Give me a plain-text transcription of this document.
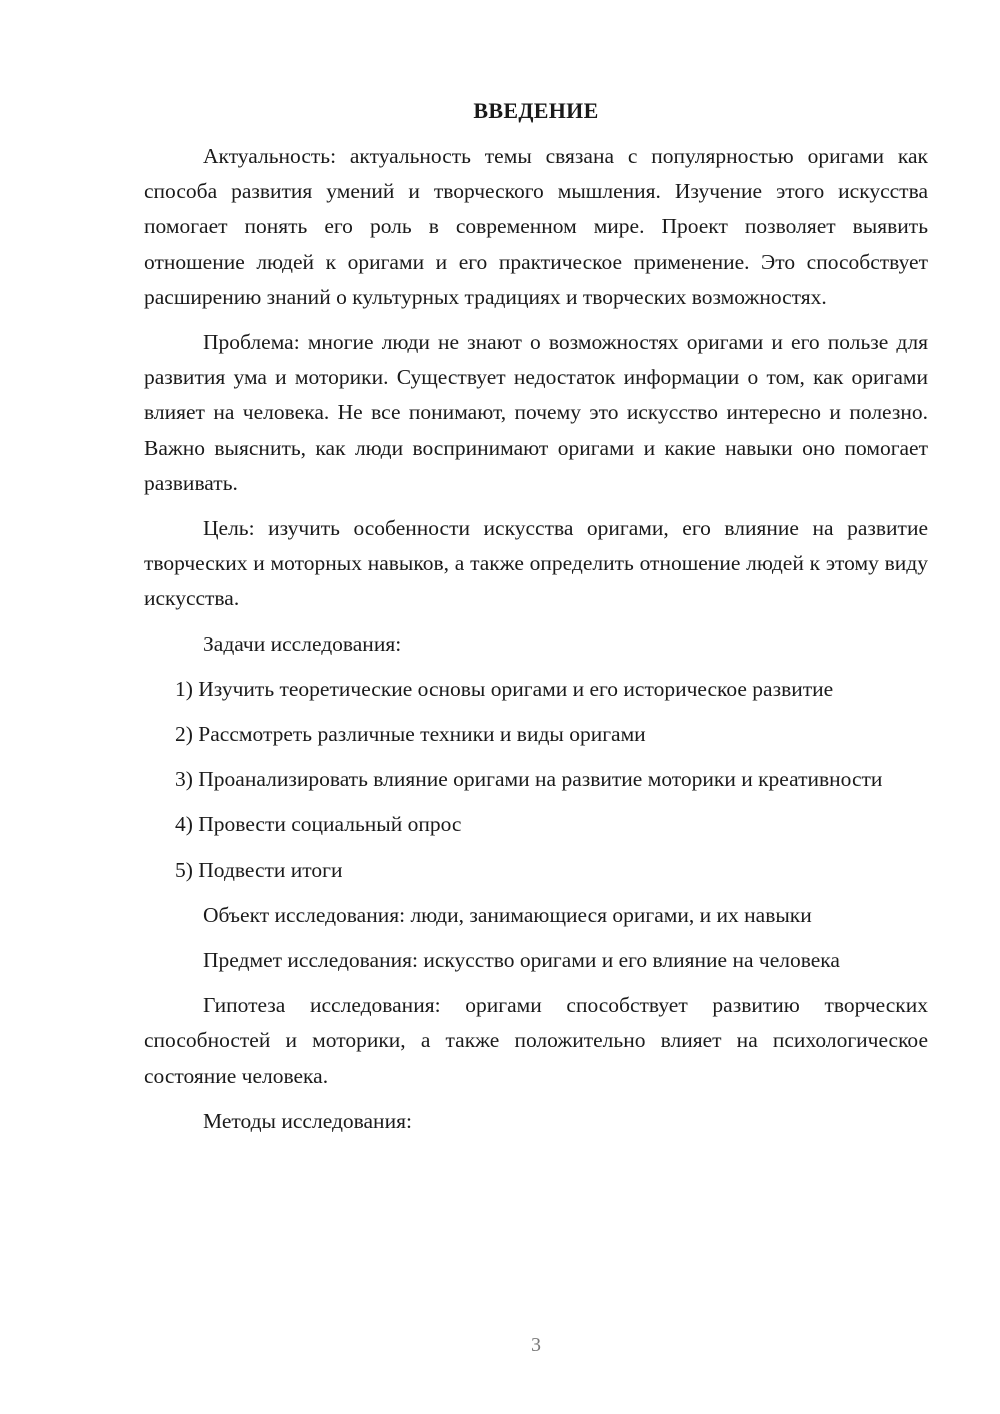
ВВЕДЕНИЕ

Актуальность: актуальность темы связана с популярностью оригами как способа развития умений и творческого мышления. Изучение этого искусства помогает понять его роль в современном мире. Проект позволяет выявить отношение людей к оригами и его практическое применение. Это способствует расширению знаний о культурных традициях и творческих возможностях.

Проблема: многие люди не знают о возможностях оригами и его пользе для развития ума и моторики. Существует недостаток информации о том, как оригами влияет на человека. Не все понимают, почему это искусство интересно и полезно. Важно выяснить, как люди воспринимают оригами и какие навыки оно помогает развивать.

Цель: изучить особенности искусства оригами, его влияние на развитие творческих и моторных навыков, а также определить отношение людей к этому виду искусства.

Задачи исследования:

1) Изучить теоретические основы оригами и его историческое развитие

2) Рассмотреть различные техники и виды оригами

3) Проанализировать влияние оригами на развитие моторики и креативности

4) Провести социальный опрос

5) Подвести итоги

Объект исследования: люди, занимающиеся оригами, и их навыки

Предмет исследования: искусство оригами и его влияние на человека

Гипотеза исследования: оригами способствует развитию творческих способностей и моторики, а также положительно влияет на психологическое состояние человека.

Методы исследования:

3
